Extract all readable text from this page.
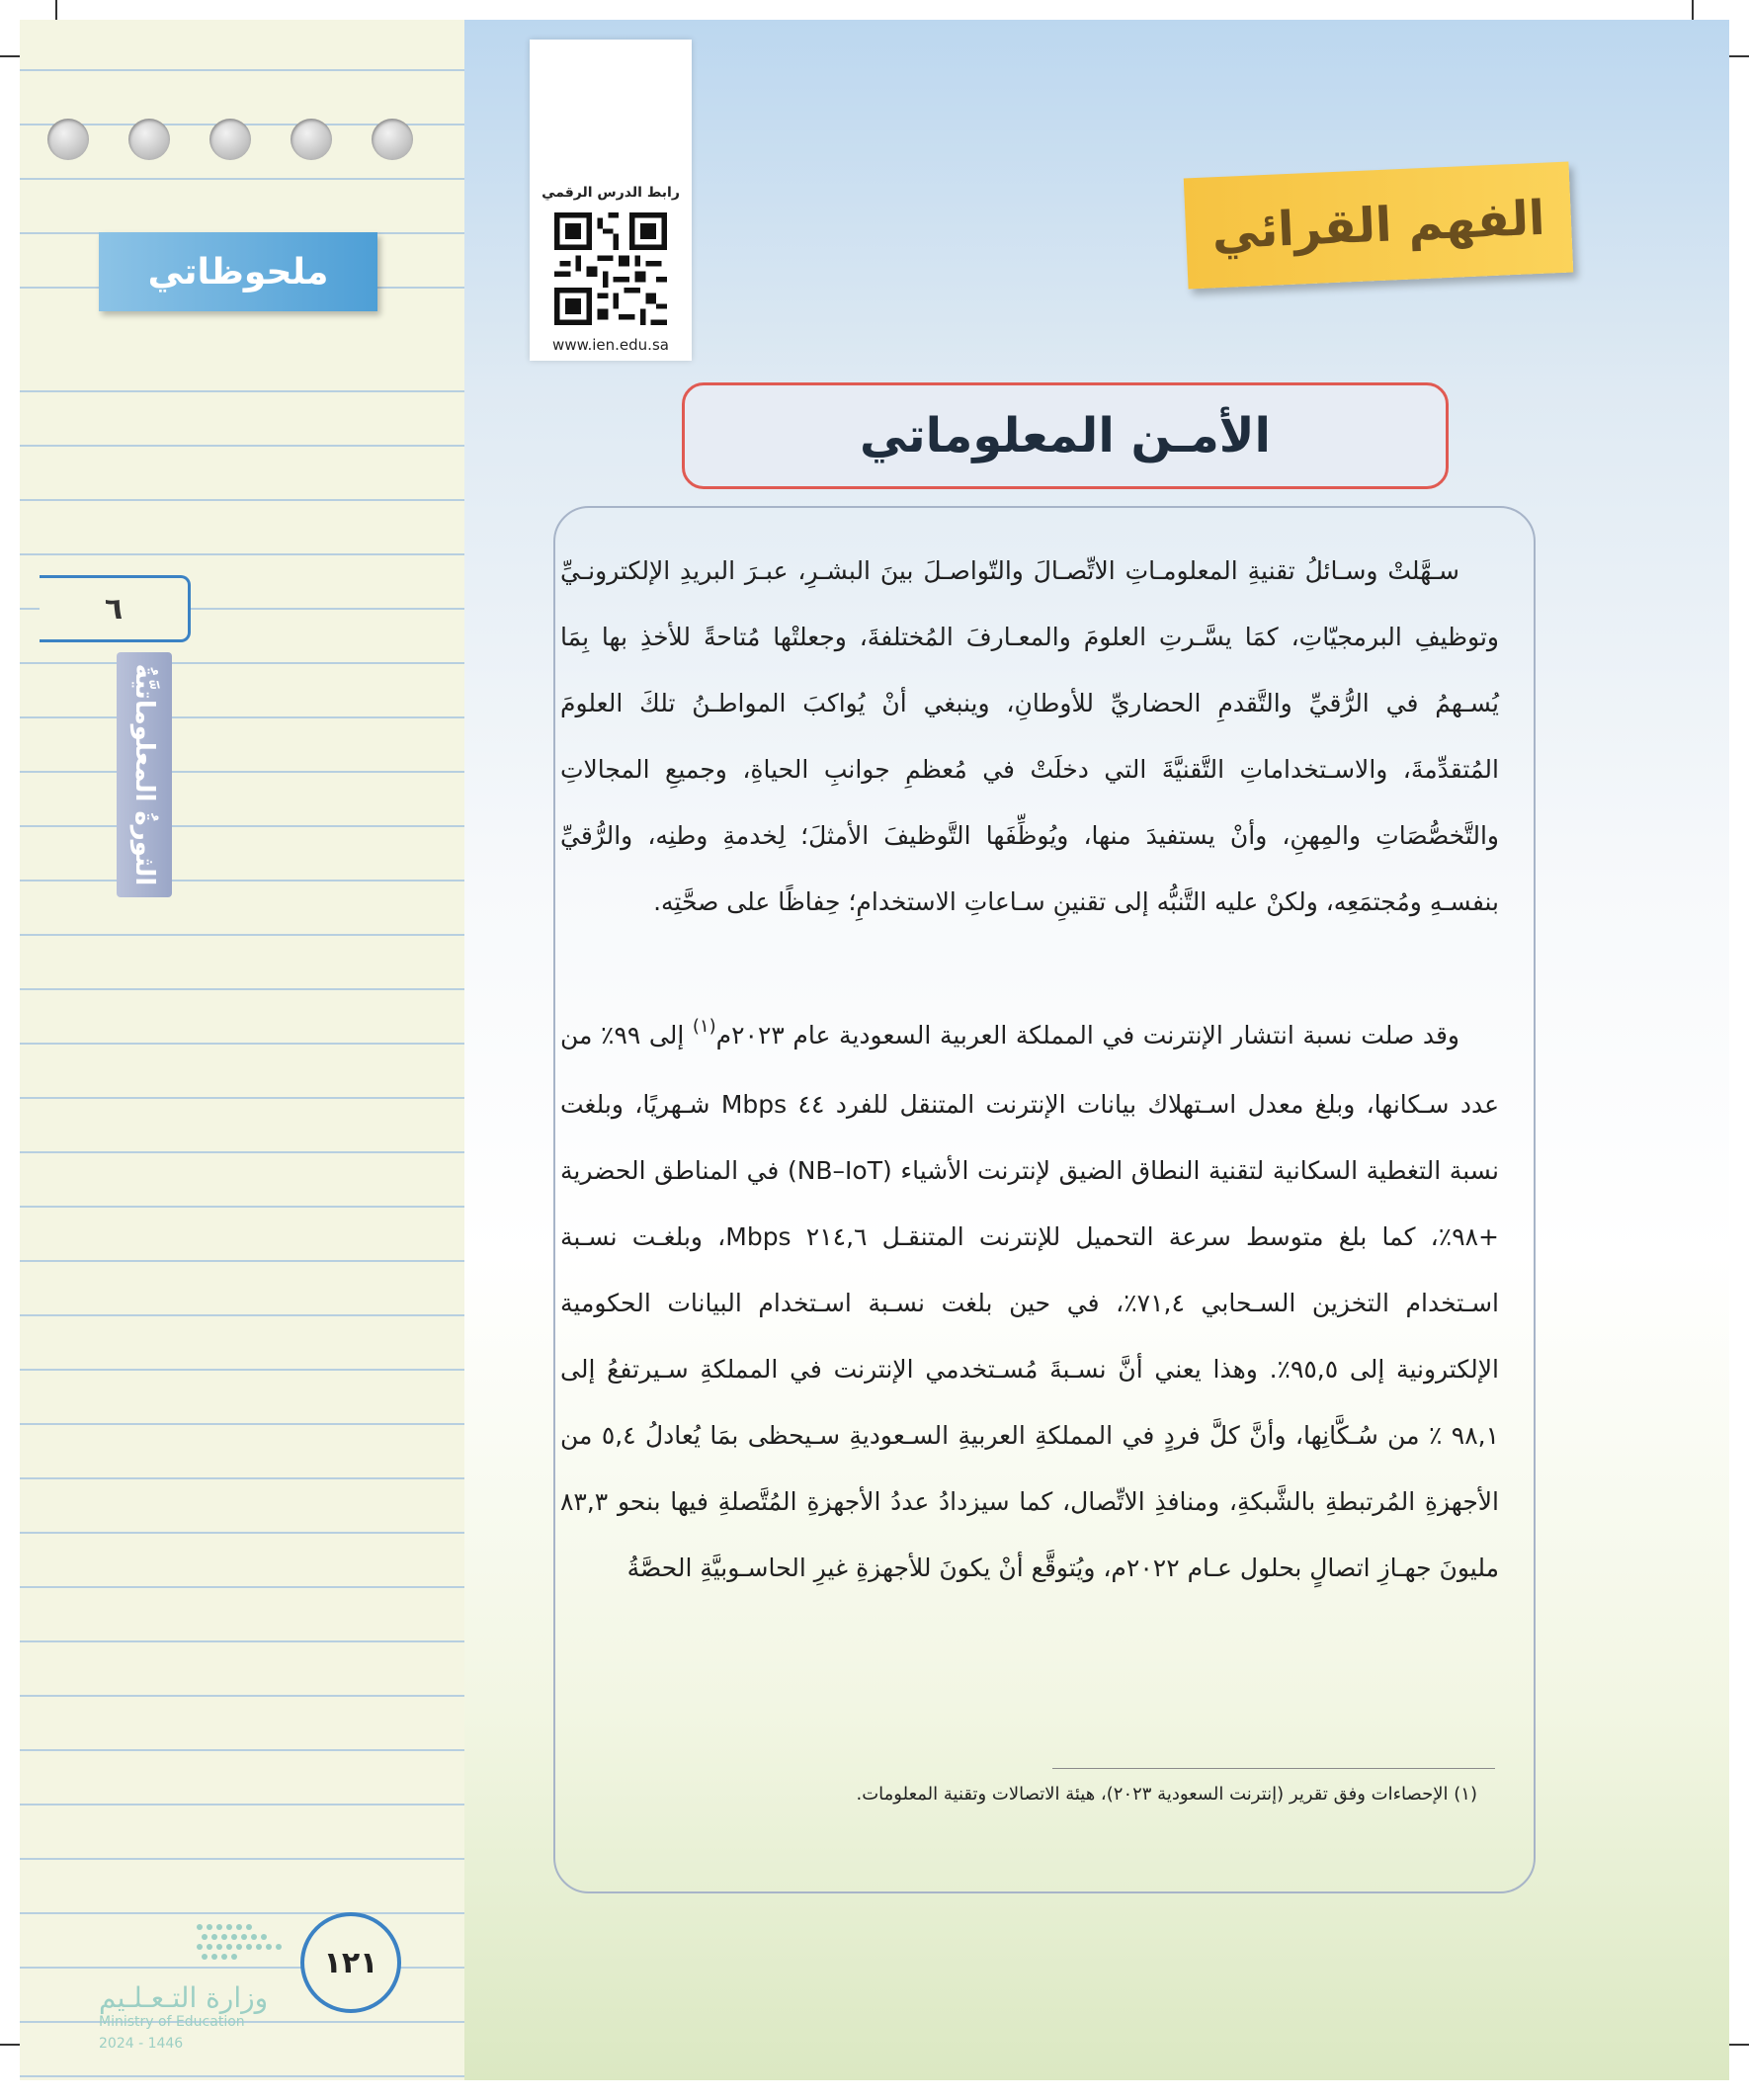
ملحوظاتي
٦
الثورةُ المعلوماتيَّةُ
١٢١
وزارة التـعـلـيم
Ministry of Education
2024 - 1446
رابط الدرس الرقمي
www.ien.edu.sa
الفهم القرائي
الأمـن المعلوماتي
سـهَّلتْ وسـائلُ تقنيةِ المعلومـاتِ الاتِّصـالَ والتّواصـلَ بينَ البشـرِ، عبـرَ البريدِ الإلكترونـيِّ وتوظيفِ البرمجيّاتِ، كمَا يسَّـرتِ العلومَ والمعـارفَ المُختلفةَ، وجعلتْها مُتاحةً للأخذِ بها بِمَا يُسـهمُ في الرُّقيِّ والتَّقدمِ الحضاريِّ للأوطانِ، وينبغي أنْ يُواكبَ المواطـنُ تلكَ العلومَ المُتقدِّمةَ، والاسـتخداماتِ التَّقنيَّةَ التي دخلَتْ في مُعظمِ جوانبِ الحياةِ، وجميعِ المجالاتِ والتَّخصُّصَاتِ والمِهنِ، وأنْ يستفيدَ منها، ويُوظِّفَها التَّوظيفَ الأمثلَ؛ لِخدمةِ وطنِه، والرُّقيِّ بنفسـهِ ومُجتمَعِه، ولكنْ عليه التَّنبُّه إلى تقنينِ سـاعاتِ الاستخدامِ؛ حِفاظًا على صحَّتِه.
وقد صلت نسبة انتشار الإنترنت في المملكة العربية السعودية عام ٢٠٢٣م$^{(١)}$ إلى ٩٩٪ من عدد سـكانها، وبلغ معدل اسـتهلاك بيانات الإنترنت المتنقل للفرد ٤٤ Mbps شـهريًا، وبلغت نسبة التغطية السكانية لتقنية النطاق الضيق لإنترنت الأشياء (NB–IoT) في المناطق الحضرية +٩٨٪، كما بلغ متوسط سرعة التحميل للإنترنت المتنقـل ٢١٤,٦ Mbps، وبلغـت نسـبة اسـتخدام التخزين السـحابي ٧١,٤٪، في حين بلغت نسـبة اسـتخدام البيانات الحكومية الإلكترونية إلى ٩٥,٥٪. وهذا يعني أنَّ نسـبةَ مُسـتخدمي الإنترنت في المملكةِ سـيرتفعُ إلى ٩٨,١ ٪ من سُـكَّانِها، وأنَّ كلَّ فردٍ في المملكةِ العربيةِ السـعوديةِ سـيحظى بمَا يُعادلُ ٥,٤ من الأجهزةِ المُرتبطةِ بالشَّبكةِ، ومنافذِ الاتِّصال، كما سيزدادُ عددُ الأجهزةِ المُتَّصلةِ فيها بنحو ٨٣,٣ مليونَ جهـازِ اتصالٍ بحلول عـام ٢٠٢٢م، ويُتوقَّع أنْ يكونَ للأجهزةِ غيرِ الحاسـوبيَّةِ الحصَّةُ
(١) الإحصاءات وفق تقرير (إنترنت السعودية ٢٠٢٣)، هيئة الاتصالات وتقنية المعلومات.
